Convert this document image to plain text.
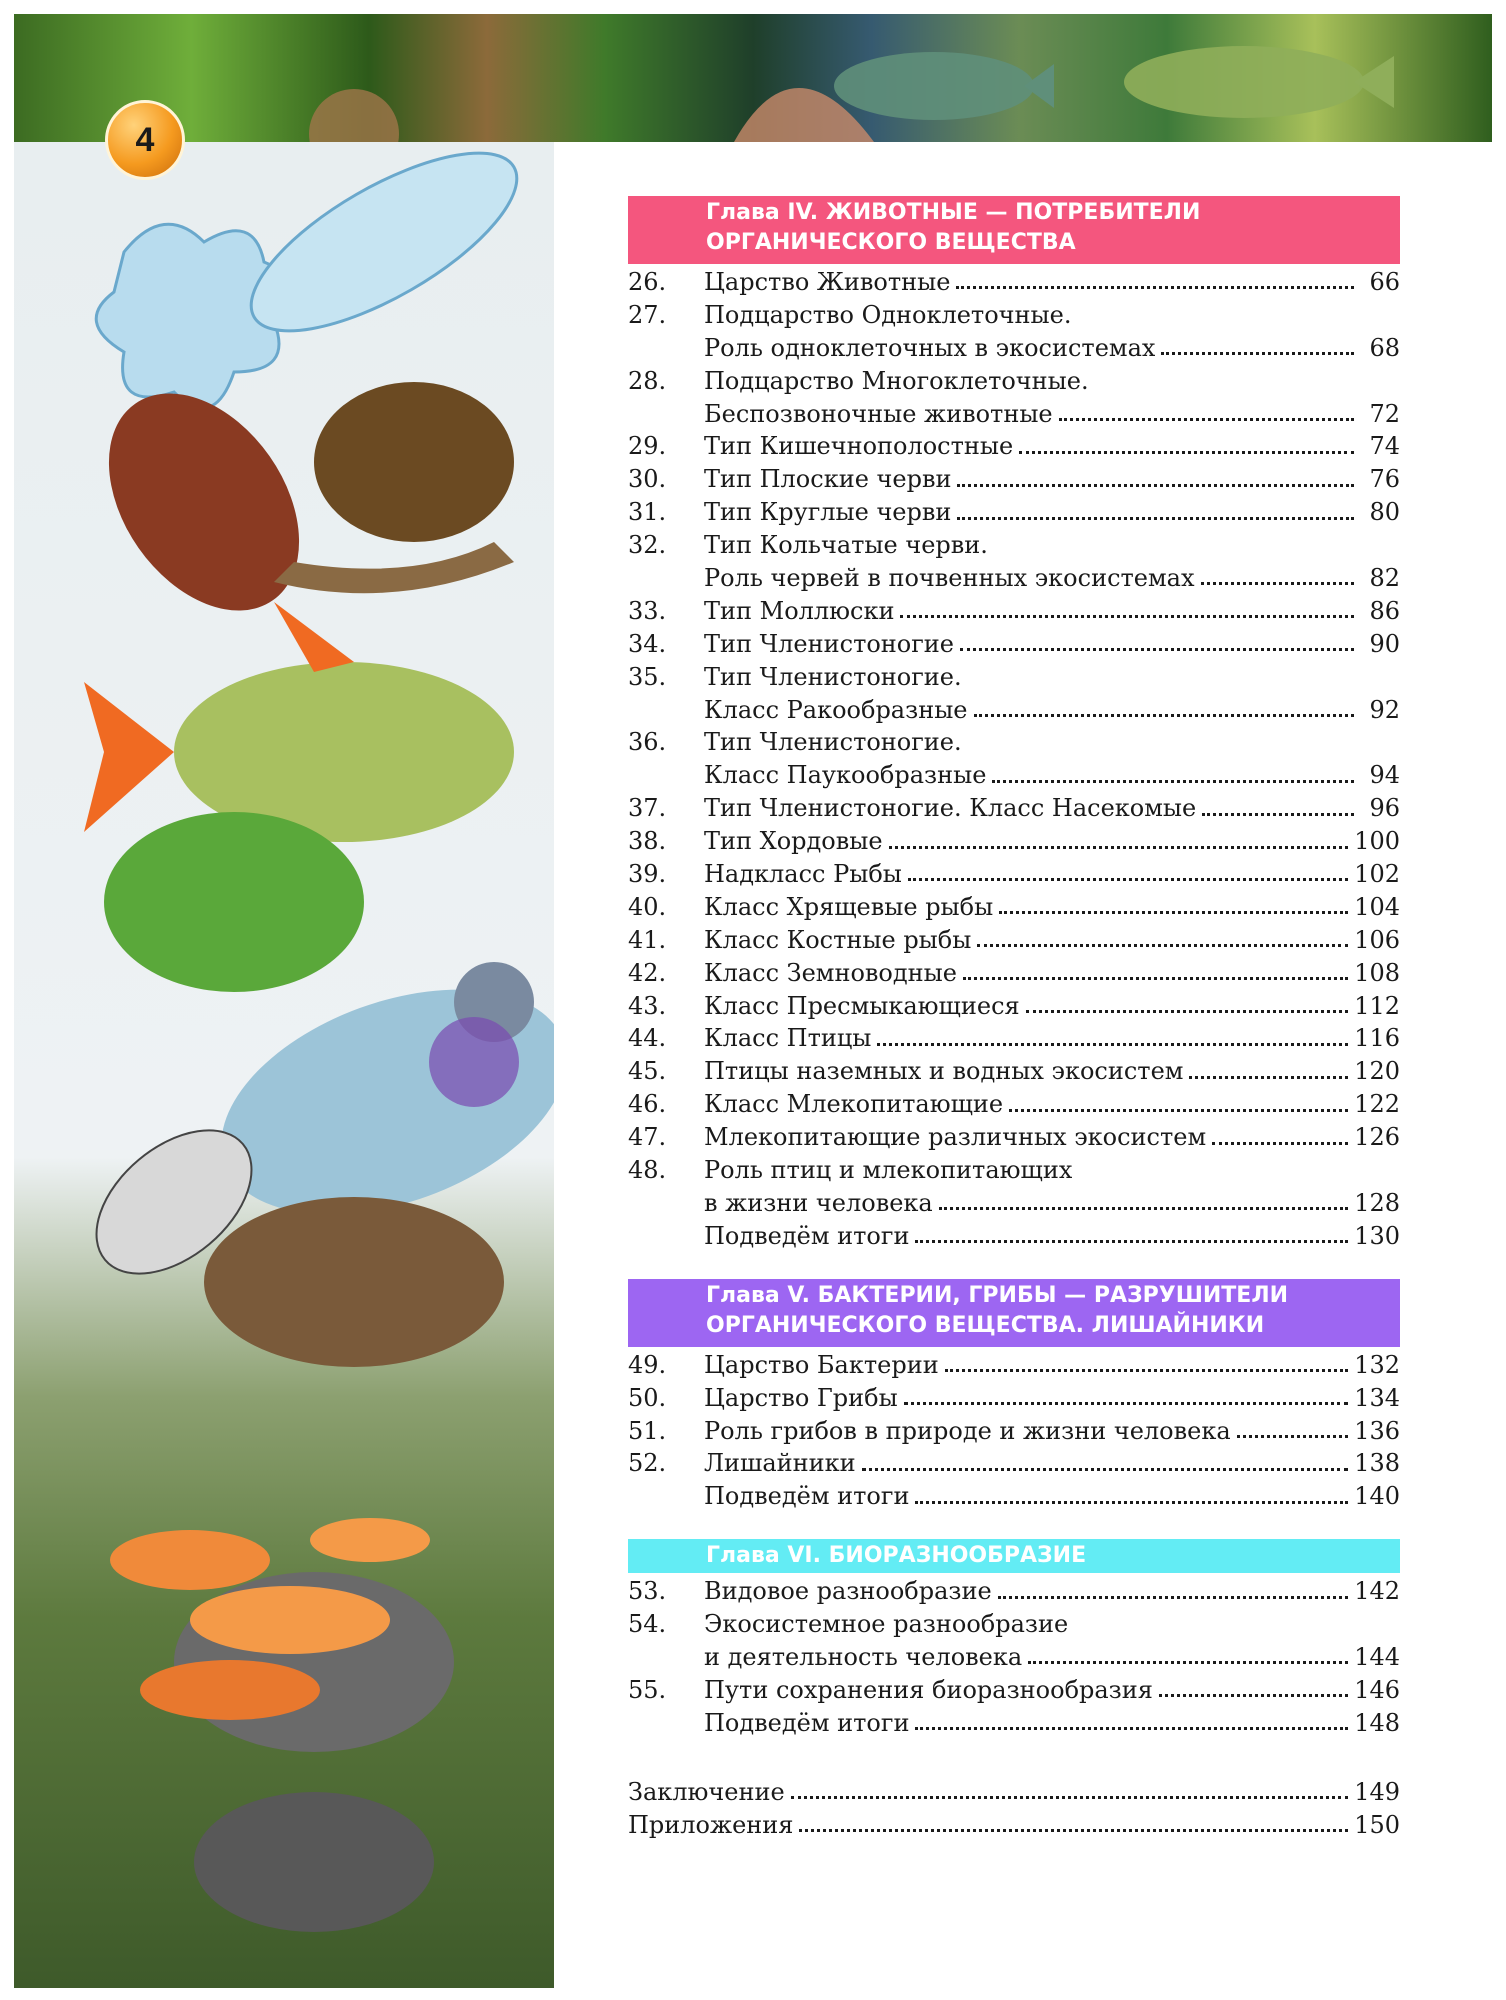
4
Глава IV. ЖИВОТНЫЕ — ПОТРЕБИТЕЛИ ОРГАНИЧЕСКОГО ВЕЩЕСТВА
26.	Царство Животные	66
27.	Подцарство Одноклеточные.
Роль одноклеточных в экосистемах	68
28.	Подцарство Многоклеточные.
Беспозвоночные животные	72
29.	Тип Кишечнополостные	74
30.	Тип Плоские черви	76
31.	Тип Круглые черви	80
32.	Тип Кольчатые черви.
Роль червей в почвенных экосистемах	82
33.	Тип Моллюски	86
34.	Тип Членистоногие	90
35.	Тип Членистоногие.
Класс Ракообразные	92
36.	Тип Членистоногие.
Класс Паукообразные	94
37.	Тип Членистоногие. Класс Насекомые	96
38.	Тип Хордовые	100
39.	Надкласс Рыбы	102
40.	Класс Хрящевые рыбы	104
41.	Класс Костные рыбы	106
42.	Класс Земноводные	108
43.	Класс Пресмыкающиеся	112
44.	Класс Птицы	116
45.	Птицы наземных и водных экосистем	120
46.	Класс Млекопитающие	122
47.	Млекопитающие различных экосистем	126
48.	Роль птиц и млекопитающих
в жизни человека	128
Подведём итоги	130
Глава V. БАКТЕРИИ, ГРИБЫ — РАЗРУШИТЕЛИ ОРГАНИЧЕСКОГО ВЕЩЕСТВА. ЛИШАЙНИКИ
49.	Царство Бактерии	132
50.	Царство Грибы	134
51.	Роль грибов в природе и жизни человека	136
52.	Лишайники	138
Подведём итоги	140
Глава VI. БИОРАЗНООБРАЗИЕ
53.	Видовое разнообразие	142
54.	Экосистемное разнообразие
и деятельность человека	144
55.	Пути сохранения биоразнообразия	146
Подведём итоги	148
Заключение	149
Приложения	150
